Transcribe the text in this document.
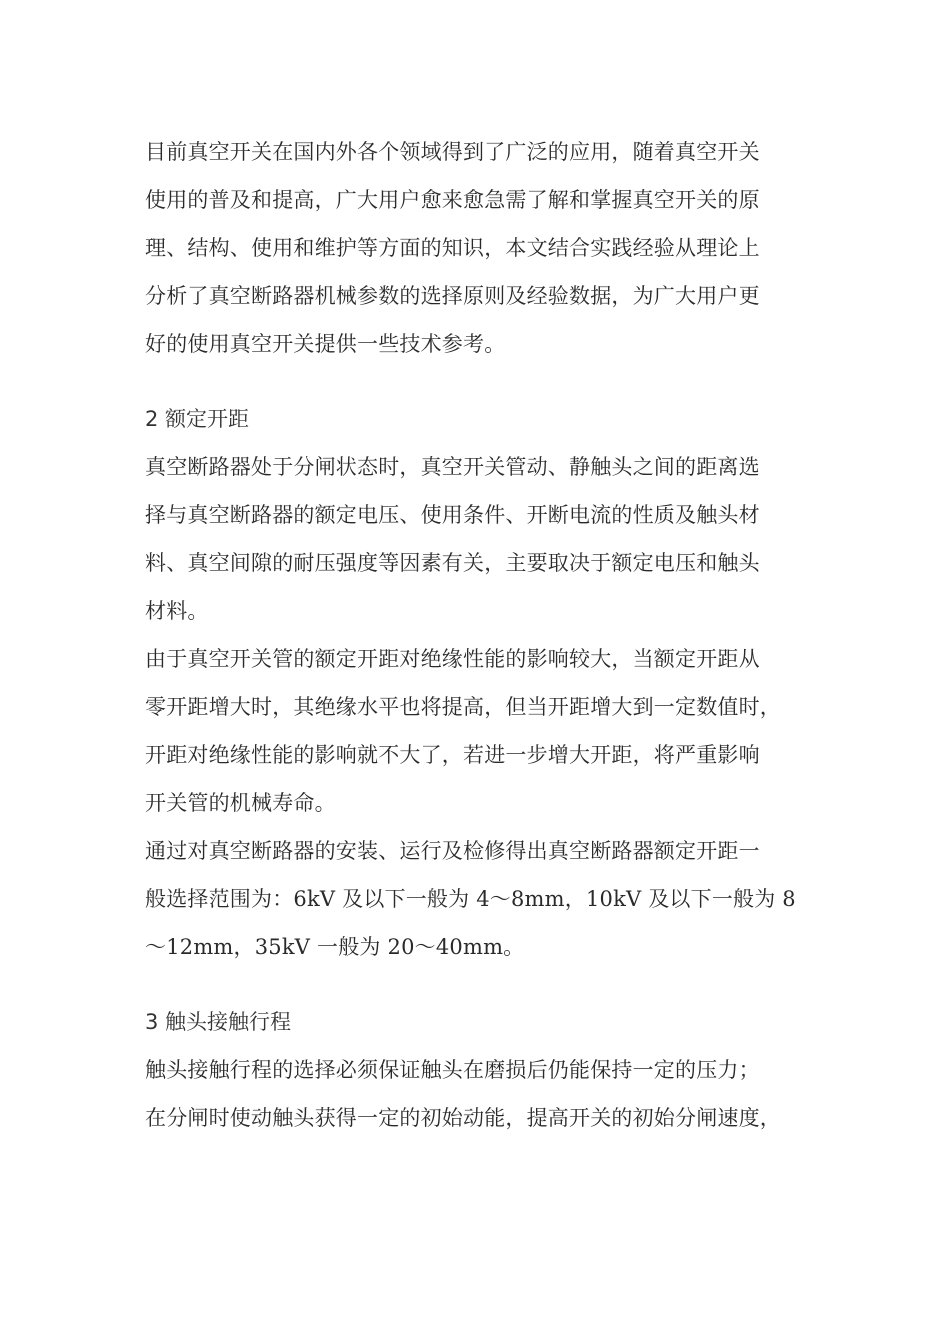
目前真空开关在国内外各个领域得到了广泛的应用，随着真空开关
使用的普及和提高，广大用户愈来愈急需了解和掌握真空开关的原
理、结构、使用和维护等方面的知识，本文结合实践经验从理论上
分析了真空断路器机械参数的选择原则及经验数据，为广大用户更
好的使用真空开关提供一些技术参考。
2 额定开距
真空断路器处于分闸状态时，真空开关管动、静触头之间的距离选
择与真空断路器的额定电压、使用条件、开断电流的性质及触头材
料、真空间隙的耐压强度等因素有关，主要取决于额定电压和触头
材料。
由于真空开关管的额定开距对绝缘性能的影响较大，当额定开距从
零开距增大时，其绝缘水平也将提高，但当开距增大到一定数值时，
开距对绝缘性能的影响就不大了，若进一步增大开距，将严重影响
开关管的机械寿命。
通过对真空断路器的安装、运行及检修得出真空断路器额定开距一
般选择范围为：6kV 及以下一般为 4～8mm，10kV 及以下一般为 8
～12mm，35kV 一般为 20～40mm。
3 触头接触行程
触头接触行程的选择必须保证触头在磨损后仍能保持一定的压力；
在分闸时使动触头获得一定的初始动能，提高开关的初始分闸速度，
